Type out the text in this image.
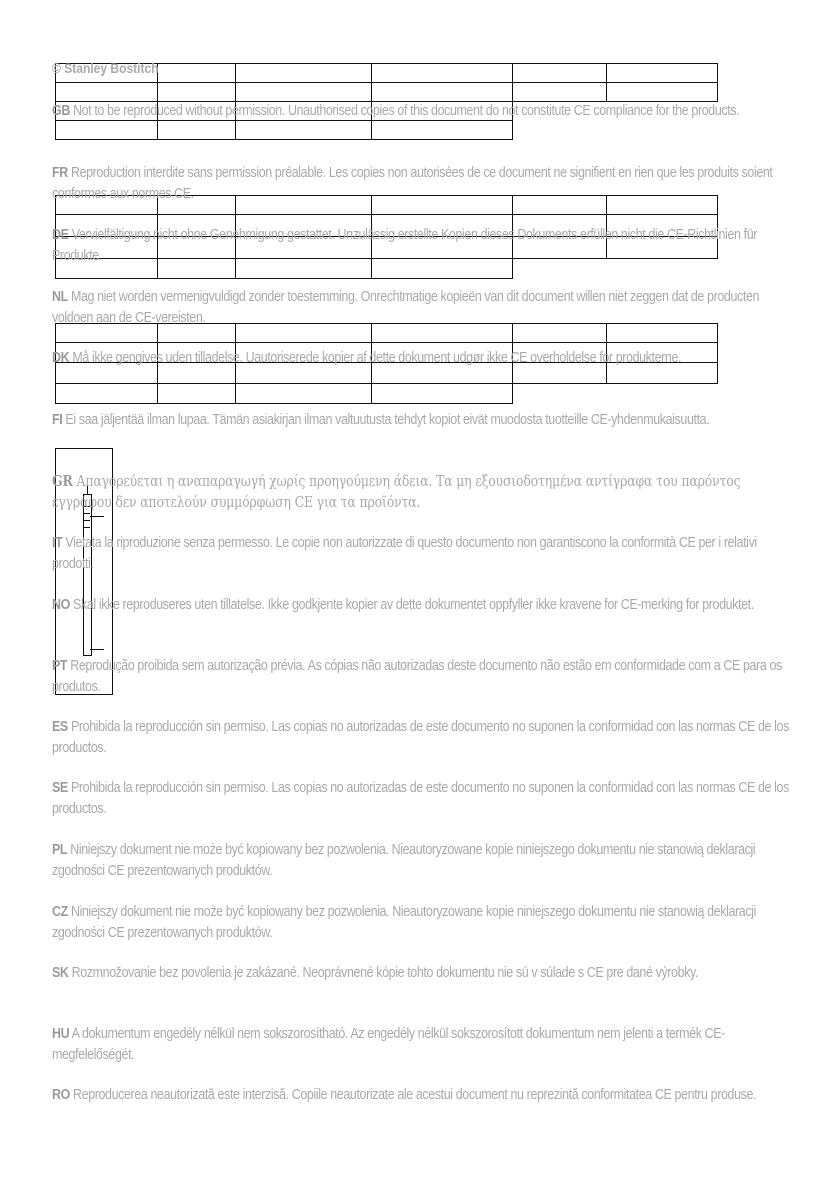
© Stanley Bostitch
GB Not to be reproduced without permission. Unauthorised copies of this document do not constitute CE compliance for the products.
FR Reproduction interdite sans permission préalable. Les copies non autorisées de ce document ne signifient en rien que les produits soient conformes aux normes CE.
DE Vervielfältigung nicht ohne Genehmigung gestattet. Unzulässig erstellte Kopien dieses Dokuments erfüllen nicht die CE-Richtlinien für Produkte.
NL Mag niet worden vermenigvuldigd zonder toestemming. Onrechtmatige kopieën van dit document willen niet zeggen dat de producten voldoen aan de CE-vereisten.
DK Må ikke gengives uden tilladelse. Uautoriserede kopier af dette dokument udgør ikke CE overholdelse for produkterne.
FI Ei saa jäljentää ilman lupaa. Tämän asiakirjan ilman valtuutusta tehdyt kopiot eivät muodosta tuotteille CE-yhdenmukaisuutta.
GR Απαγορεύεται η αναπαραγωγή χωρίς προηγούμενη άδεια. Τα μη εξουσιοδοτημένα αντίγραφα του παρόντος εγγράφου δεν αποτελούν συμμόρφωση CE για τα προϊόντα.
IT Vietata la riproduzione senza permesso. Le copie non autorizzate di questo documento non garantiscono la conformità CE per i relativi prodotti.
NO Skal ikke reproduseres uten tillatelse. Ikke godkjente kopier av dette dokumentet oppfyller ikke kravene for CE-merking for produktet.
PT Reprodução proibida sem autorização prévia. As cópias não autorizadas deste documento não estão em conformidade com a CE para os produtos.
ES Prohibida la reproducción sin permiso. Las copias no autorizadas de este documento no suponen la conformidad con las normas CE de los productos.
SE Prohibida la reproducción sin permiso. Las copias no autorizadas de este documento no suponen la conformidad con las normas CE de los productos.
PL Niniejszy dokument nie może być kopiowany bez pozwolenia. Nieautoryzowane kopie niniejszego dokumentu nie stanowią deklaracji zgodności CE prezentowanych produktów.
CZ Niniejszy dokument nie może być kopiowany bez pozwolenia. Nieautoryzowane kopie niniejszego dokumentu nie stanowią deklaracji zgodności CE prezentowanych produktów.
SK Rozmnožovanie bez povolenia je zakázané. Neoprávnené kópie tohto dokumentu nie sú v súlade s CE pre dané výrobky.
HU A dokumentum engedély nélkül nem sokszorosítható. Az engedély nélkül sokszorosított dokumentum nem jelenti a termék CE-megfelelőségét.
RO Reproducerea neautorizată este interzisă. Copiile neautorizate ale acestui document nu reprezintă conformitatea CE pentru produse.
